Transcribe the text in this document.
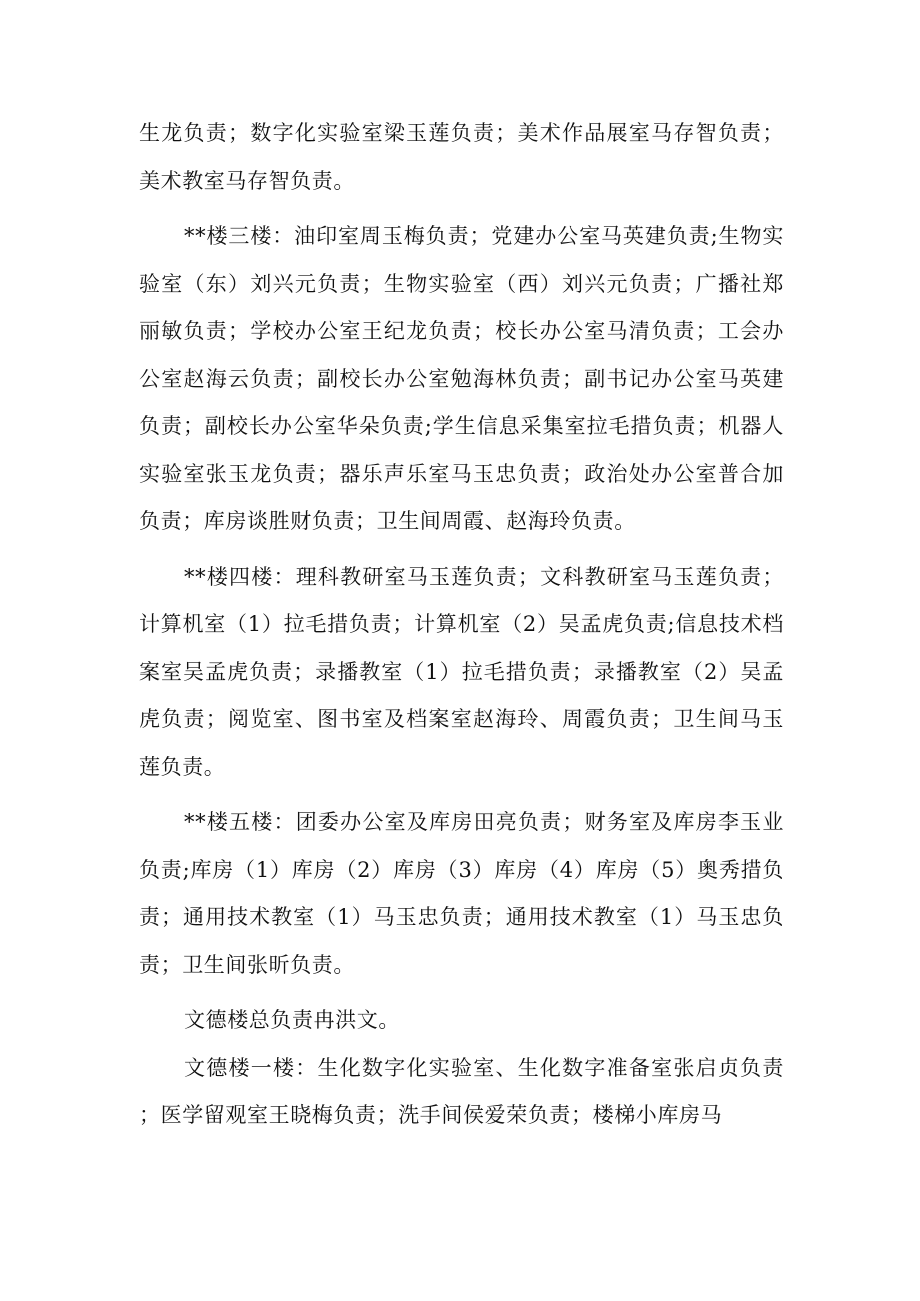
生龙负责；数字化实验室梁玉莲负责；美术作品展室马存智负责；美术教室马存智负责。

**楼三楼：油印室周玉梅负责；党建办公室马英建负责;生物实验室（东）刘兴元负责；生物实验室（西）刘兴元负责；广播社郑丽敏负责；学校办公室王纪龙负责；校长办公室马清负责；工会办公室赵海云负责；副校长办公室勉海林负责；副书记办公室马英建负责；副校长办公室华朵负责;学生信息采集室拉毛措负责；机器人实验室张玉龙负责；器乐声乐室马玉忠负责；政治处办公室普合加负责；库房谈胜财负责；卫生间周霞、赵海玲负责。

**楼四楼：理科教研室马玉莲负责；文科教研室马玉莲负责；计算机室（1）拉毛措负责；计算机室（2）吴孟虎负责;信息技术档案室吴孟虎负责；录播教室（1）拉毛措负责；录播教室（2）吴孟虎负责；阅览室、图书室及档案室赵海玲、周霞负责；卫生间马玉莲负责。

**楼五楼：团委办公室及库房田亮负责；财务室及库房李玉业负责;库房（1）库房（2）库房（3）库房（4）库房（5）奥秀措负责；通用技术教室（1）马玉忠负责；通用技术教室（1）马玉忠负责；卫生间张昕负责。

文德楼总负责冉洪文。

文德楼一楼：生化数字化实验室、生化数字准备室张启贞负责；医学留观室王晓梅负责；洗手间侯爱荣负责；楼梯小库房马
